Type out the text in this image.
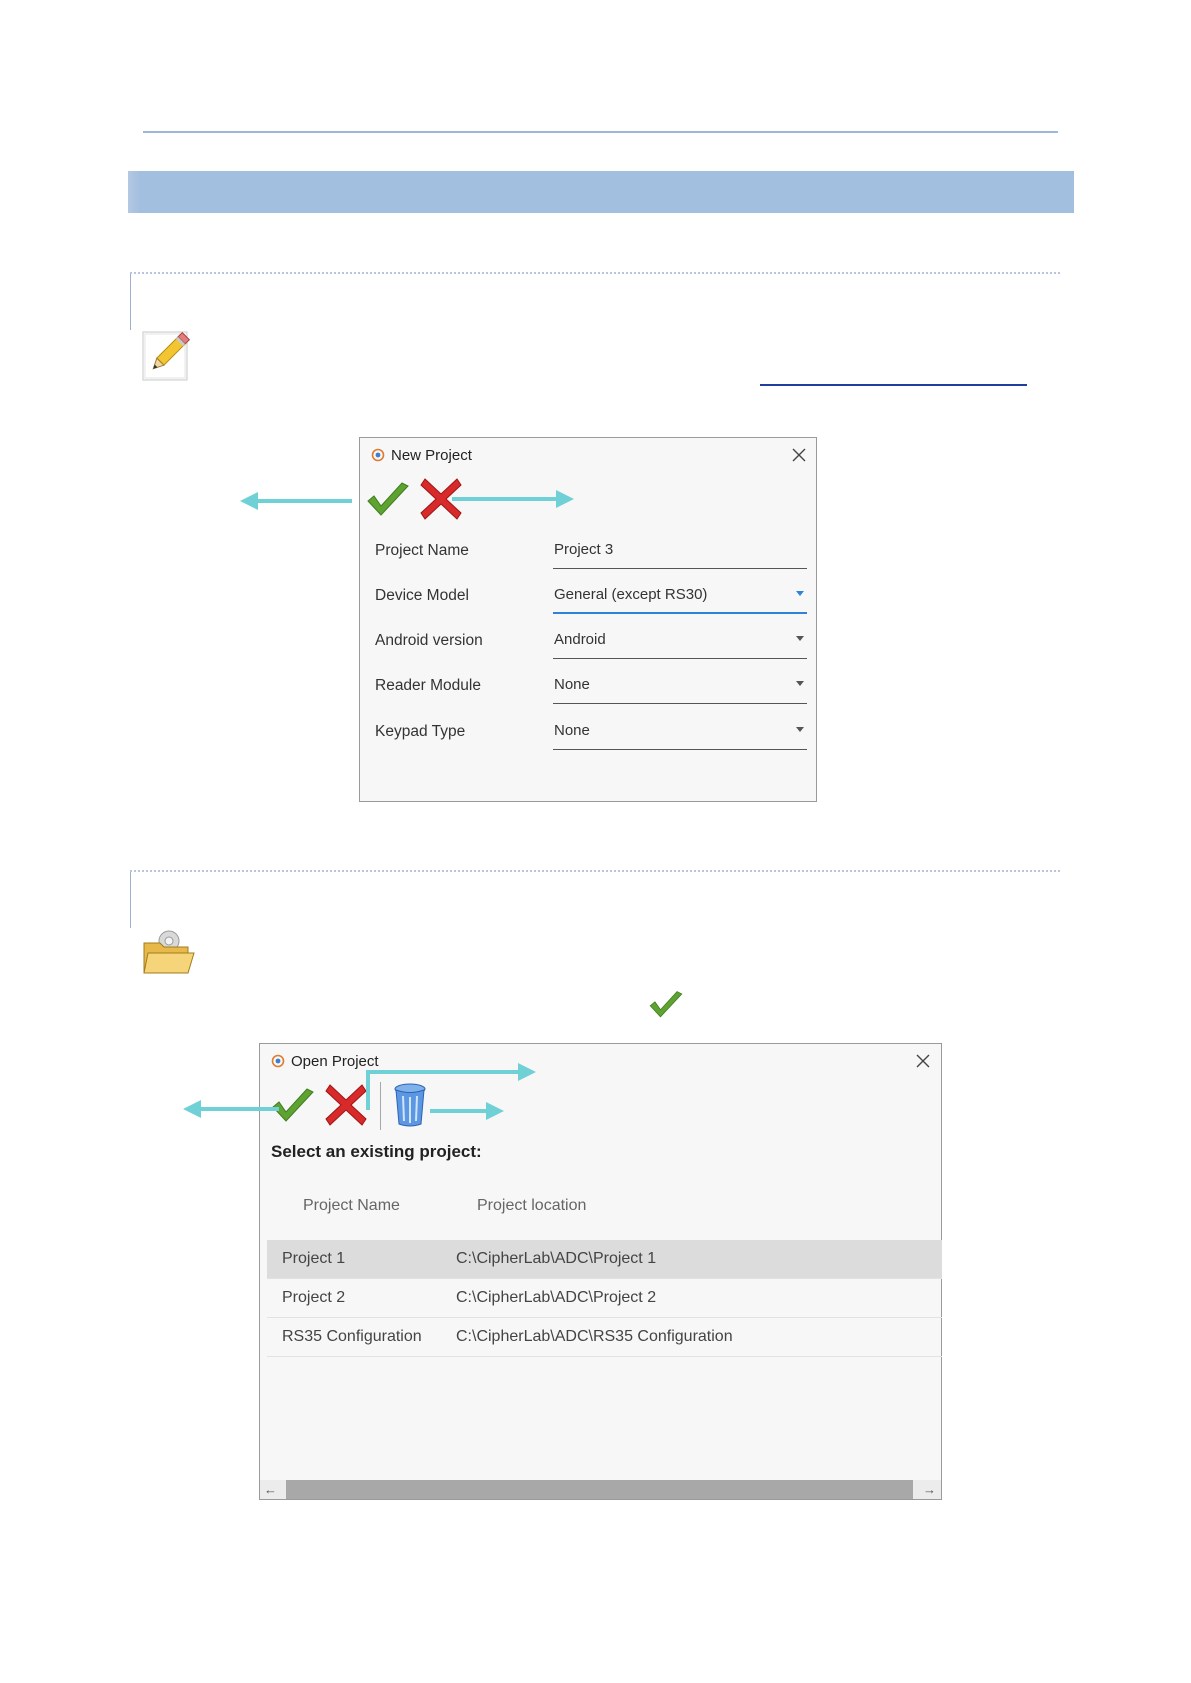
New Project
Project Name	Project 3
Device Model	General (except RS30)
Android version	Android
Reader Module	None
Keypad Type	None
Open Project
Select an existing project:
Project Name	Project location
Project 1	C:\CipherLab\ADC\Project 1
Project 2	C:\CipherLab\ADC\Project 2
RS35 Configuration C:\CipherLab\ADC\RS35 Configuration
←	→
